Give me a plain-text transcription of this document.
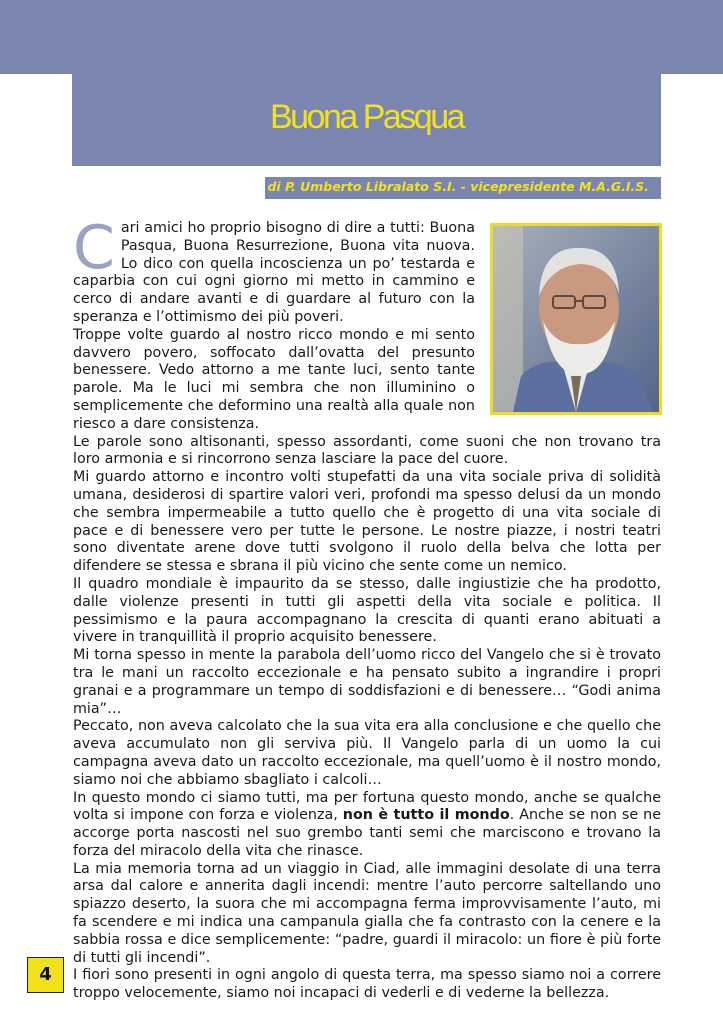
Buona Pasqua
di P. Umberto Libralato S.I. - vicepresidente M.A.G.I.S.

Cari amici ho proprio bisogno di dire a tutti: Buona Pasqua, Buona Resurrezione, Buona vita nuova. Lo dico con quella incoscienza un po’ testarda e caparbia con cui ogni giorno mi metto in cammino e cerco di andare avanti e di guardare al futuro con la speranza e l’ottimismo dei più poveri.

Troppe volte guardo al nostro ricco mondo e mi sento davvero povero, soffocato dall’ovatta del presunto benessere. Vedo attorno a me tante luci, sento tante parole. Ma le luci mi sembra che non illuminino o semplicemente che deformino una realtà alla quale non riesco a dare consistenza.

Le parole sono altisonanti, spesso assordanti, come suoni che non trovano tra loro armonia e si rincorrono senza lasciare la pace del cuore.

Mi guardo attorno e incontro volti stupefatti da una vita sociale priva di solidità umana, desiderosi di spartire valori veri, profondi ma spesso delusi da un mondo che sembra impermeabile a tutto quello che è progetto di una vita sociale di pace e di benessere vero per tutte le persone. Le nostre piazze, i nostri teatri sono diventate arene dove tutti svolgono il ruolo della belva che lotta per difendere se stessa e sbrana il più vicino che sente come un nemico.

Il quadro mondiale è impaurito da se stesso, dalle ingiustizie che ha prodotto, dalle violenze presenti in tutti gli aspetti della vita sociale e politica. Il pessimismo e la paura accompagnano la crescita di quanti erano abituati a vivere in tranquillità il proprio acquisito benessere.

Mi torna spesso in mente la parabola dell’uomo ricco del Vangelo che si è trovato tra le mani un raccolto eccezionale e ha pensato subito a ingrandire i propri granai e a programmare un tempo di soddisfazioni e di benessere… “Godi anima mia”…

Peccato, non aveva calcolato che la sua vita era alla conclusione e che quello che aveva accumulato non gli serviva più. Il Vangelo parla di un uomo la cui campagna aveva dato un raccolto eccezionale, ma quell’uomo è il nostro mondo, siamo noi che abbiamo sbagliato i calcoli…

In questo mondo ci siamo tutti, ma per fortuna questo mondo, anche se qualche volta si impone con forza e violenza, non è tutto il mondo. Anche se non se ne accorge porta nascosti nel suo grembo tanti semi che marciscono e trovano la forza del miracolo della vita che rinasce.

La mia memoria torna ad un viaggio in Ciad, alle immagini desolate di una terra arsa dal calore e annerita dagli incendi: mentre l’auto percorre saltellando uno spiazzo deserto, la suora che mi accompagna ferma improvvisamente l’auto, mi fa scendere e mi indica una campanula gialla che fa contrasto con la cenere e la sabbia rossa e dice semplicemente: “padre, guardi il miracolo: un fiore è più forte di tutti gli incendi”.

I fiori sono presenti in ogni angolo di questa terra, ma spesso siamo noi a correre troppo velocemente, siamo noi incapaci di vederli e di vederne la bellezza.

4
